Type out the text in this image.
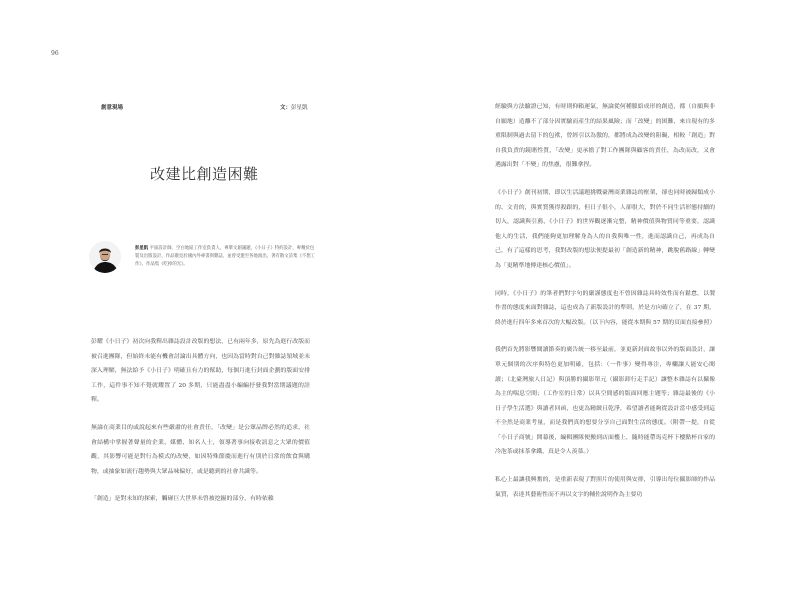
96
創意現場	文：彭星凱
改建比創造困難
彭星凱 平面設計師，空白地區工作室負責人，專擘文創議題，《小日子》特約設計，專精於包裝及出版設計，作品散見於國內外專書與雜誌，並曾受邀至各地演出，著有散文詩集《不想工作》、作品集《吃掉的光》。

彭耀《小日子》初次向我釋出雜誌設計改版的想法，已有兩年多，原先為進行改版而被召進團隊，但始終未能有機會討論出具體方向，也因為當時對自己對雜誌領域並未深入理解，無法給予《小日子》明確且有力的幫助，每個月進行封面企劃的版面安排工作，這件事不知不覺就耀置了 20 多期，只能盡盡小編編抒發我對當期議題的詮釋。

無論在商業目的或說起來有些嚴肅的社會責任，「改變」是公眾品牌必然的追求，社會結構中掌握著聲量的企業、媒體、知名人士，領導著事向接收訊息之大眾的價值觀，其影響可能是對行為模式的改變，如因特殊節慶而進行有別於日常的飲食與購物，或抽象如流行趨勢與大眾品味偏好，或是聽到的社會共識等。

「創造」是對未知的探索，觸碰巨大世界未曾被挖掘的部分，有時依賴

經驗與方法驗證已知，有時則仰賴運氣，無論從何種脈絡成形的創造，都（自願與非自願地）造離不了部分因實驗而產生的結果風險；而「改變」的困難，來自現有的多重限制與過去留下的包袱，曾經引以為傲的，都將成為改變的阻礙，相較「創造」對自我負責的鏡賭性質，「改變」更承擔了對工作團隊與顧客的責任，為改而改，又會遇露出對「不變」的焦慮，很難拿捏。

《小日子》創刊初期，即以生活議題挑戰臺灣商業雜誌的框架，卻也同時被歸類成小的、文青的，與實質獲得殺跟的，但日子很小，人卻很大，對於不同生活形態持續的切入，認識與引薦，《小日子》的世界觀逐漸完整，精神價值與物質同等重要，認識他人的生活，我們能夠更加理解身為人的自我與唯一性，進而認識自己，再成為自己，有了這樣的思考，我對改版的想法便提最初「創造新的精神，跳脫舊路線」轉變為「更精準地傳達核心價值」。

同時，《小日子》的筆者們對字句的嚴謹態度也不曾因雜誌具時效性而有鬆怠，以製作書的態度來面對雜誌，這也成為了新版設計的準則，於是方向確立了，在 37 期，終於進行四年多來首次的大幅改版。（以下內容，能從本期與 57 期的頁面直接參照）

我們首先將影響閱讀節奏的廣告統一移至最前，並更新封面故事以外的版面設計，讓單元個別的次序與特色更加明確，包括：（一件事）變得專注，專欄讓人能安心閱讀；（北臺灣旅人日記）與頂勝的攝影單元（攝影卸行走手記）讓整本雜誌有以攝像為主的喘息空間；（工作室的日常）以具空間感的版面回應主題等；雜誌最後的《小日子學生活選》與讀者回函，也更為精緻且乾淨，希望讀者能夠從設計當中感受到這不全然是商業考量，而是我們真的想要分享自己面對生活的態度。（附帶一提，自從「小日子商號」開幕後，編輯團隊便搬到店面樓上，隨時能帶馬克杯下樓點杯自家的冷泡茶或抹茶拿鐵，真是令人羨慕。）

私心上最讓我興奮的，是重新表現了對照片的使用與安排，引導出每位攝影師的作品氣質，表達其藝術性而不再以文字的輔佐說明作為主要功
